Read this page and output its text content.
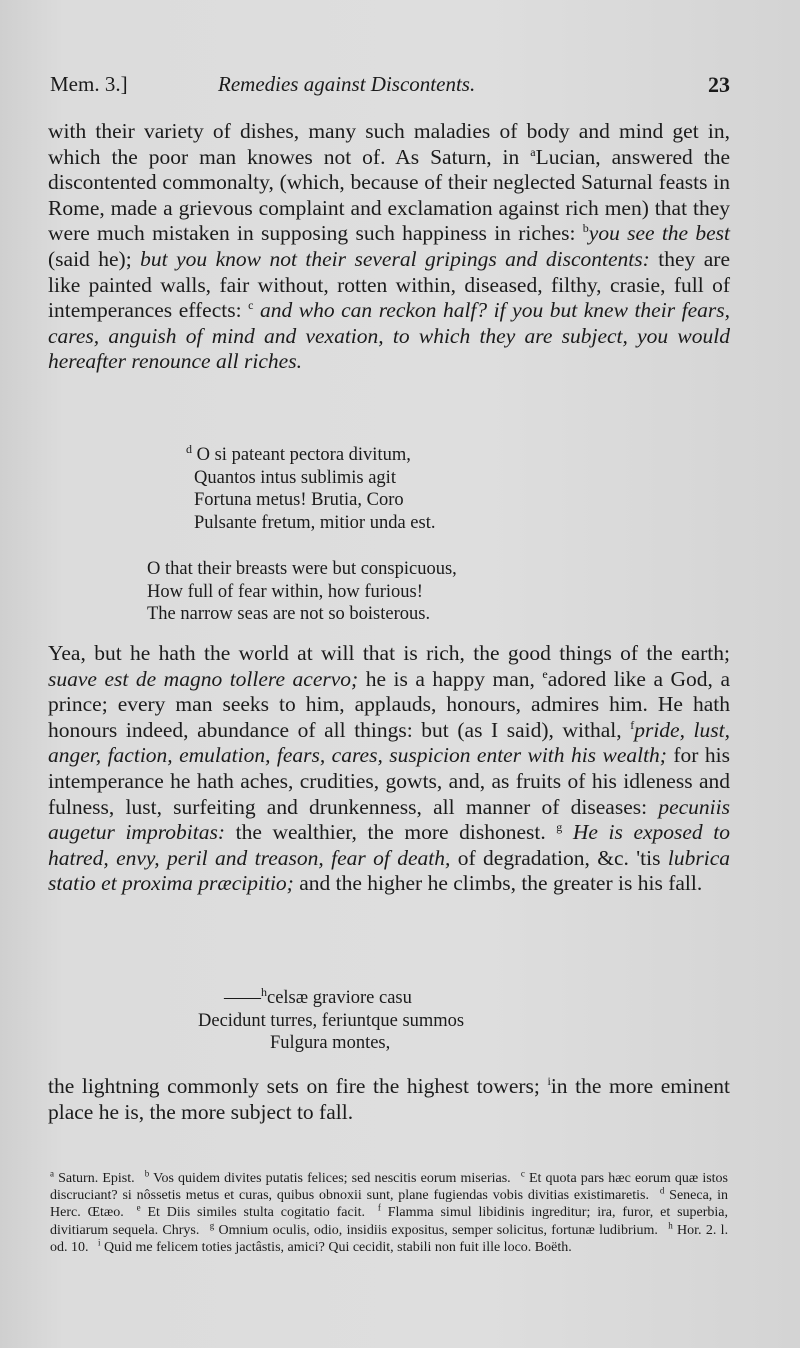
Mem. 3.]	Remedies against Discontents.	23

with their variety of dishes, many such maladies of body and mind get in, which the poor man knowes not of. As Saturn, in $^a$Lucian, answered the discontented commonalty, (which, because of their neglected Saturnal feasts in Rome, made a grievous complaint and exclamation against rich men) that they were much mistaken in supposing such happiness in riches: $^b$you see the best (said he); but you know not their several gripings and discontents: they are like painted walls, fair without, rotten within, diseased, filthy, crasie, full of intemperances effects: $^c$ and who can reckon half? if you but knew their fears, cares, anguish of mind and vexation, to which they are subject, you would hereafter renounce all riches.

$^d$ O si pateant pectora divitum,
Quantos intus sublimis agit
Fortuna metus! Brutia, Coro
Pulsante fretum, mitior unda est.
O that their breasts were but conspicuous,
How full of fear within, how furious!
The narrow seas are not so boisterous.

Yea, but he hath the world at will that is rich, the good things of the earth; suave est de magno tollere acervo; he is a happy man, $^e$adored like a God, a prince; every man seeks to him, applauds, honours, admires him. He hath honours indeed, abundance of all things: but (as I said), withal, $^f$pride, lust, anger, faction, emulation, fears, cares, suspicion enter with his wealth; for his intemperance he hath aches, crudities, gowts, and, as fruits of his idleness and fulness, lust, surfeiting and drunkenness, all manner of diseases: pecuniis augetur improbitas: the wealthier, the more dishonest. $^g$ He is exposed to hatred, envy, peril and treason, fear of death, of degradation, &c. 'tis lubrica statio et proxima præcipitio; and the higher he climbs, the greater is his fall.

——$^h$celsæ graviore casu
Decidunt turres, feriuntque summos
Fulgura montes,

the lightning commonly sets on fire the highest towers; $^i$in the more eminent place he is, the more subject to fall.

$^a$ Saturn. Epist. $^b$ Vos quidem divites putatis felices; sed nescitis eorum miserias. $^c$ Et quota pars hæc eorum quæ istos discruciant? si nôssetis metus et curas, quibus obnoxii sunt, plane fugiendas vobis divitias existimaretis. $^d$ Seneca, in Herc. Œtæo. $^e$ Et Diis similes stulta cogitatio facit. $^f$ Flamma simul libidinis ingreditur; ira, furor, et superbia, divitiarum sequela. Chrys. $^g$ Omnium oculis, odio, insidiis expositus, semper solicitus, fortunæ ludibrium. $^h$ Hor. 2. l. od. 10. $^i$ Quid me felicem toties jactâstis, amici? Qui cecidit, stabili non fuit ille loco. Boëth.
